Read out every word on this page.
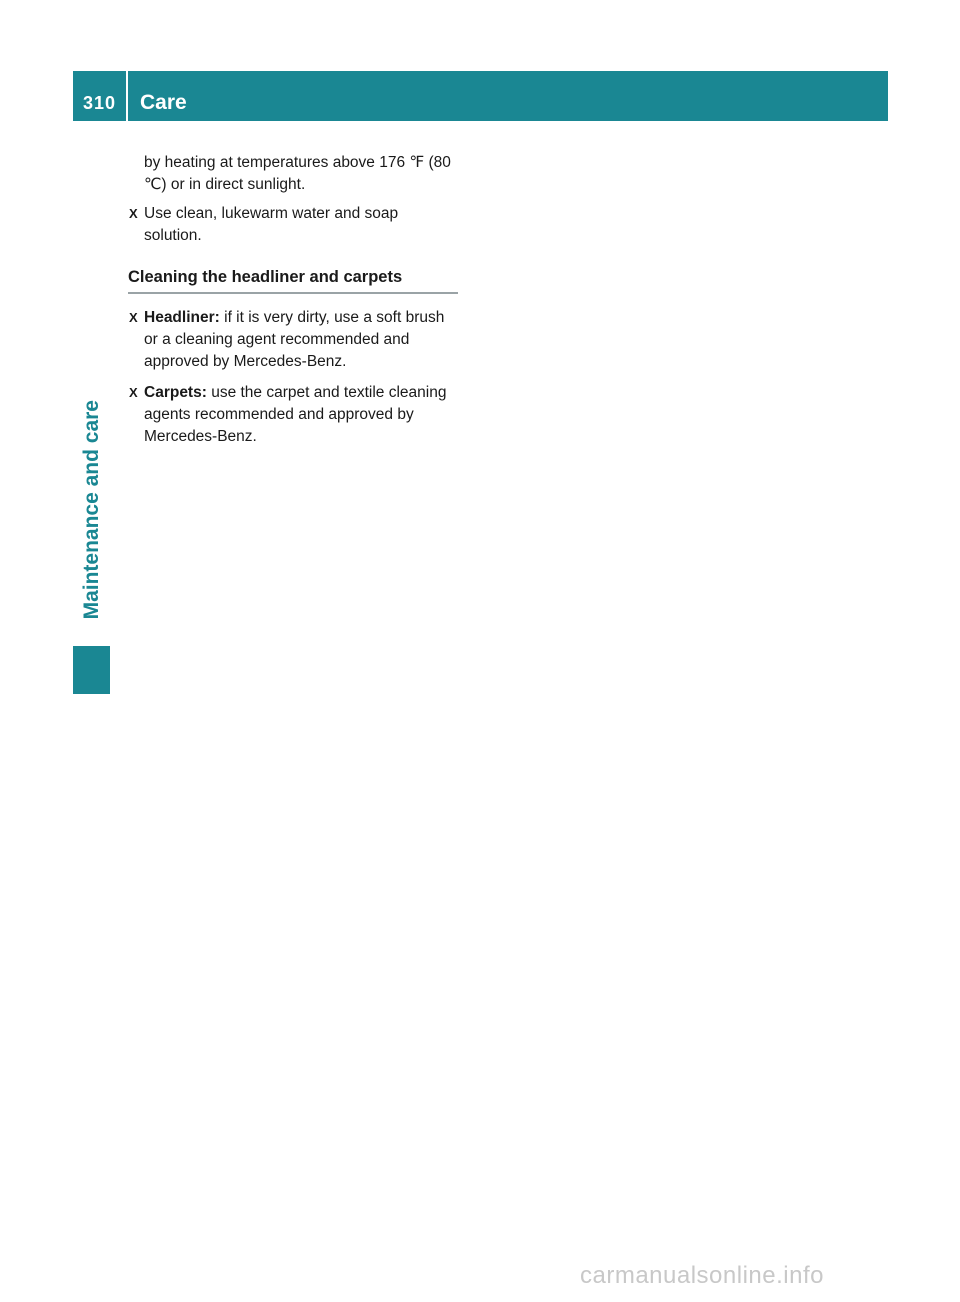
310	Care
Maintenance and care

by heating at temperatures above 176 ℉ (80 ℃) or in direct sunlight.

X Use clean, lukewarm water and soap solution.
Cleaning the headliner and carpets
X Headliner: if it is very dirty, use a soft brush or a cleaning agent recommended and approved by Mercedes-Benz.
X Carpets: use the carpet and textile cleaning agents recommended and approved by Mercedes-Benz.
carmanualsonline.info
